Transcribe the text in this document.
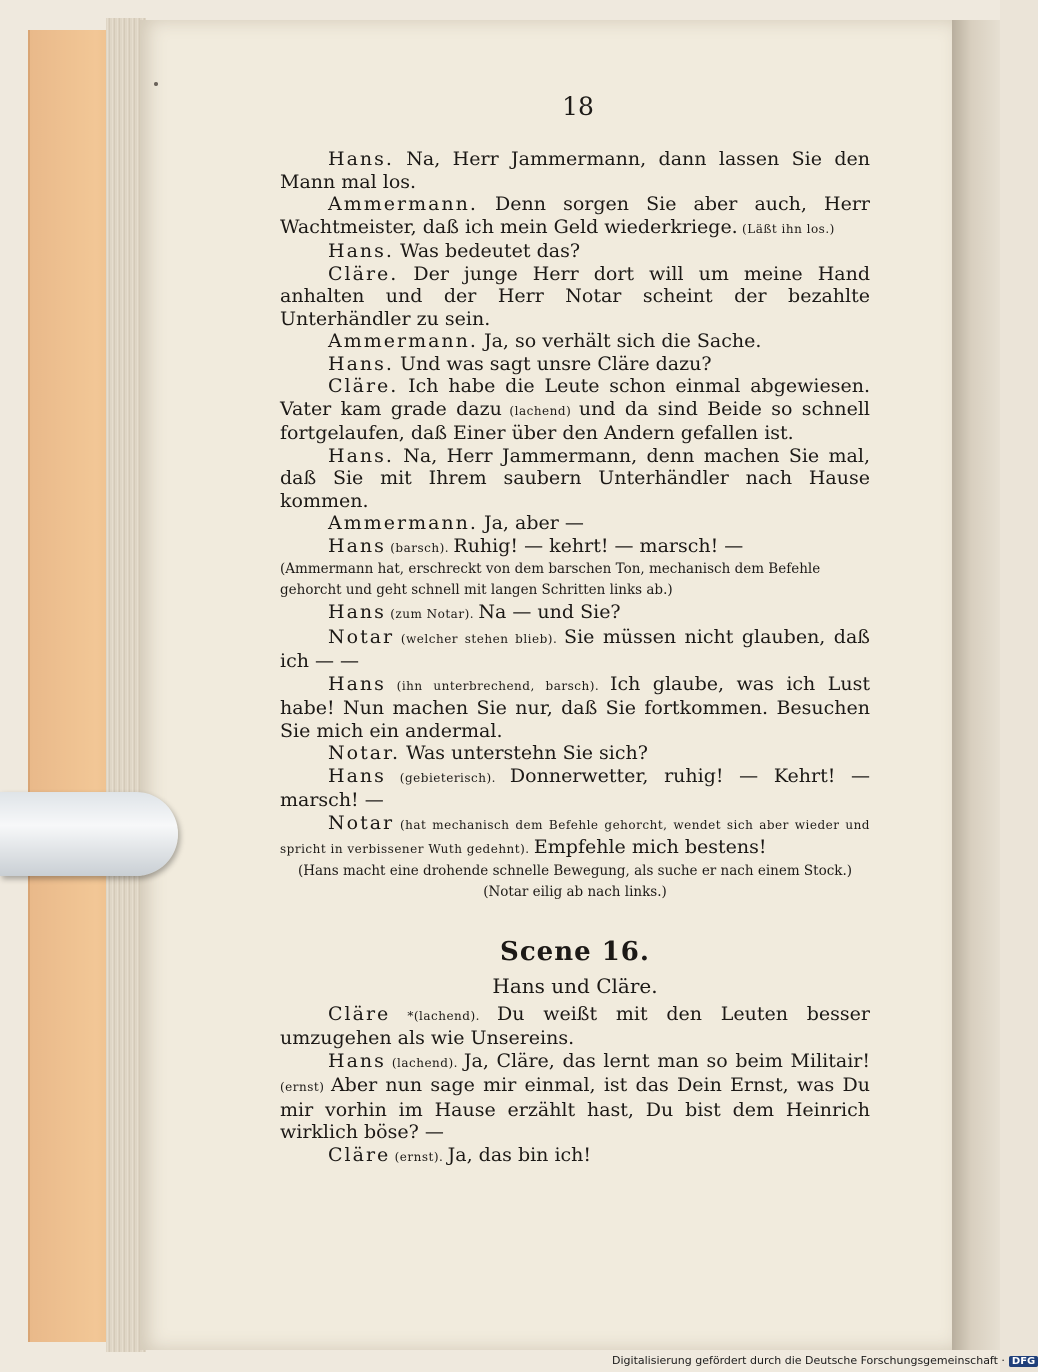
18

Hans. Na, Herr Jammermann, dann lassen Sie den Mann mal los.

Ammermann. Denn sorgen Sie aber auch, Herr Wachtmeister, daß ich mein Geld wiederkriege. (Läßt ihn los.)

Hans. Was bedeutet das?

Cläre. Der junge Herr dort will um meine Hand anhalten und der Herr Notar scheint der bezahlte Unterhändler zu sein.

Ammermann. Ja, so verhält sich die Sache.

Hans. Und was sagt unsre Cläre dazu?

Cläre. Ich habe die Leute schon einmal abgewiesen. Vater kam grade dazu (lachend) und da sind Beide so schnell fortgelaufen, daß Einer über den Andern gefallen ist.

Hans. Na, Herr Jammermann, denn machen Sie mal, daß Sie mit Ihrem saubern Unterhändler nach Hause kommen.

Ammermann. Ja, aber —

Hans (barsch). Ruhig! — kehrt! — marsch! —

(Ammermann hat, erschreckt von dem barschen Ton, mechanisch dem Befehle gehorcht und geht schnell mit langen Schritten links ab.)

Hans (zum Notar). Na — und Sie?

Notar (welcher stehen blieb). Sie müssen nicht glauben, daß ich — —

Hans (ihn unterbrechend, barsch). Ich glaube, was ich Lust habe! Nun machen Sie nur, daß Sie fortkommen. Besuchen Sie mich ein andermal.

Notar. Was unterstehn Sie sich?

Hans (gebieterisch). Donnerwetter, ruhig! — Kehrt! — marsch! —

Notar (hat mechanisch dem Befehle gehorcht, wendet sich aber wieder und spricht in verbissener Wuth gedehnt). Empfehle mich bestens!

(Hans macht eine drohende schnelle Bewegung, als suche er nach einem Stock.)

(Notar eilig ab nach links.)

Scene 16.
Hans und Cläre.

Cläre *(lachend). Du weißt mit den Leuten besser umzugehen als wie Unsereins.

Hans (lachend). Ja, Cläre, das lernt man so beim Militair! (ernst) Aber nun sage mir einmal, ist das Dein Ernst, was Du mir vorhin im Hause erzählt hast, Du bist dem Heinrich wirklich böse? —

Cläre (ernst). Ja, das bin ich!

Digitalisierung gefördert durch die Deutsche Forschungsgemeinschaft · DFG
